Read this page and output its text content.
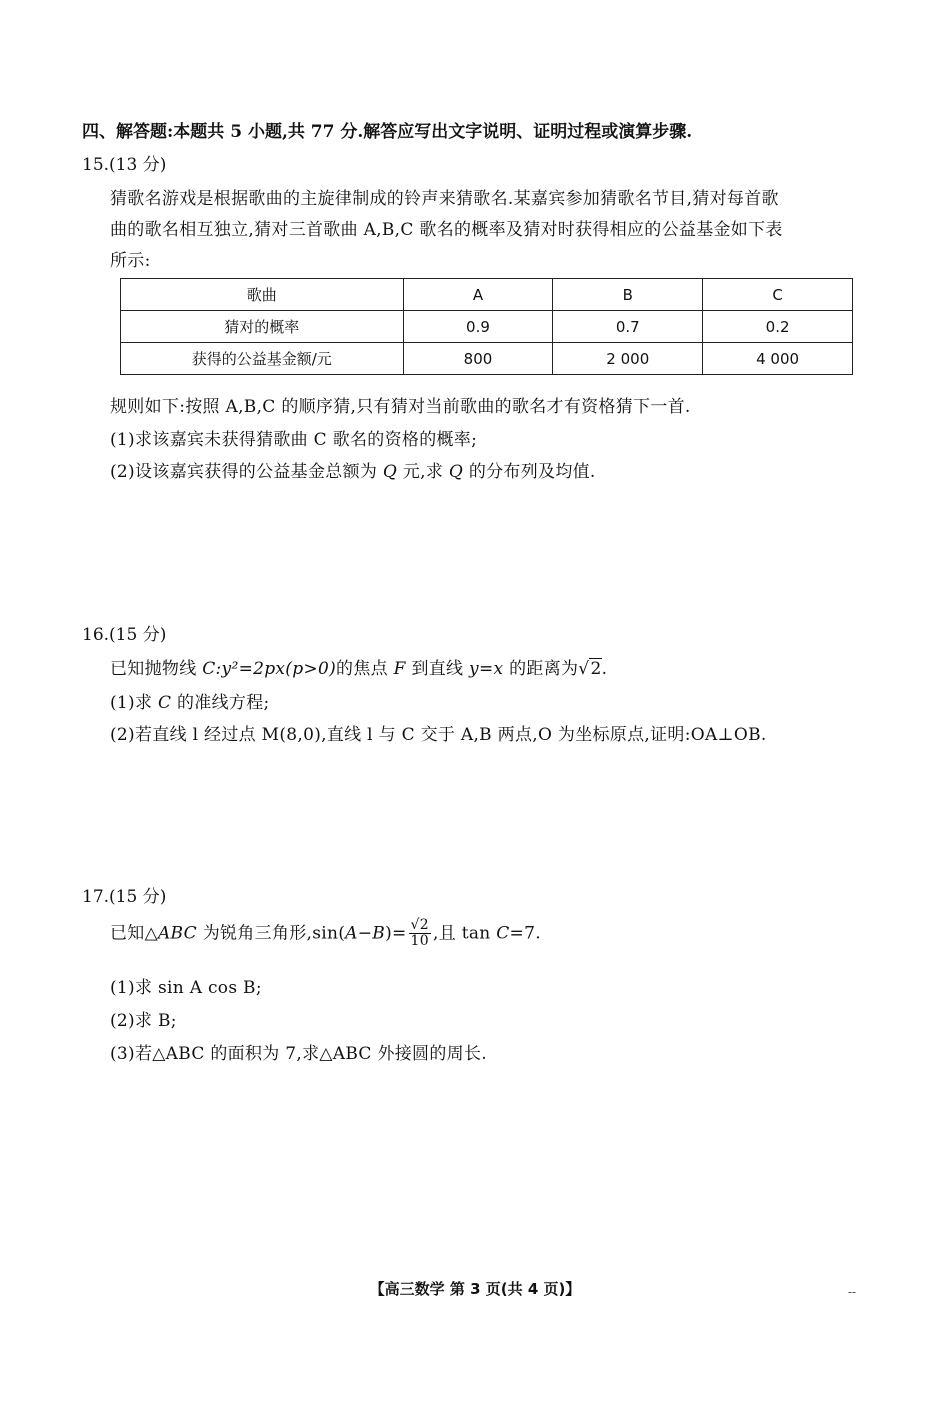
四、解答题:本题共 5 小题,共 77 分.解答应写出文字说明、证明过程或演算步骤.
15.(13 分)
猜歌名游戏是根据歌曲的主旋律制成的铃声来猜歌名.某嘉宾参加猜歌名节目,猜对每首歌
曲的歌名相互独立,猜对三首歌曲 A,B,C 歌名的概率及猜对时获得相应的公益基金如下表
所示:
歌曲	A	B	C
猜对的概率	0.9	0.7	0.2
获得的公益基金额/元	800	2 000	4 000
规则如下:按照 A,B,C 的顺序猜,只有猜对当前歌曲的歌名才有资格猜下一首.
(1)求该嘉宾未获得猜歌曲 C 歌名的资格的概率;
(2)设该嘉宾获得的公益基金总额为 Q 元,求 Q 的分布列及均值.
16.(15 分)
已知抛物线 C:y²=2px(p>0)的焦点 F 到直线 y=x 的距离为√2.
(1)求 C 的准线方程;
(2)若直线 l 经过点 M(8,0),直线 l 与 C 交于 A,B 两点,O 为坐标原点,证明:OA⊥OB.
17.(15 分)
已知△ABC 为锐角三角形$,\sin(A-B)= \frac{√2}{10}$ ,且 tan C=7.
(1)求 sin A cos B;
(2)求 B;
(3)若△ABC 的面积为 7,求△ABC 外接圆的周长.
【高三数学 第 3 页(共 4 页)】	--
